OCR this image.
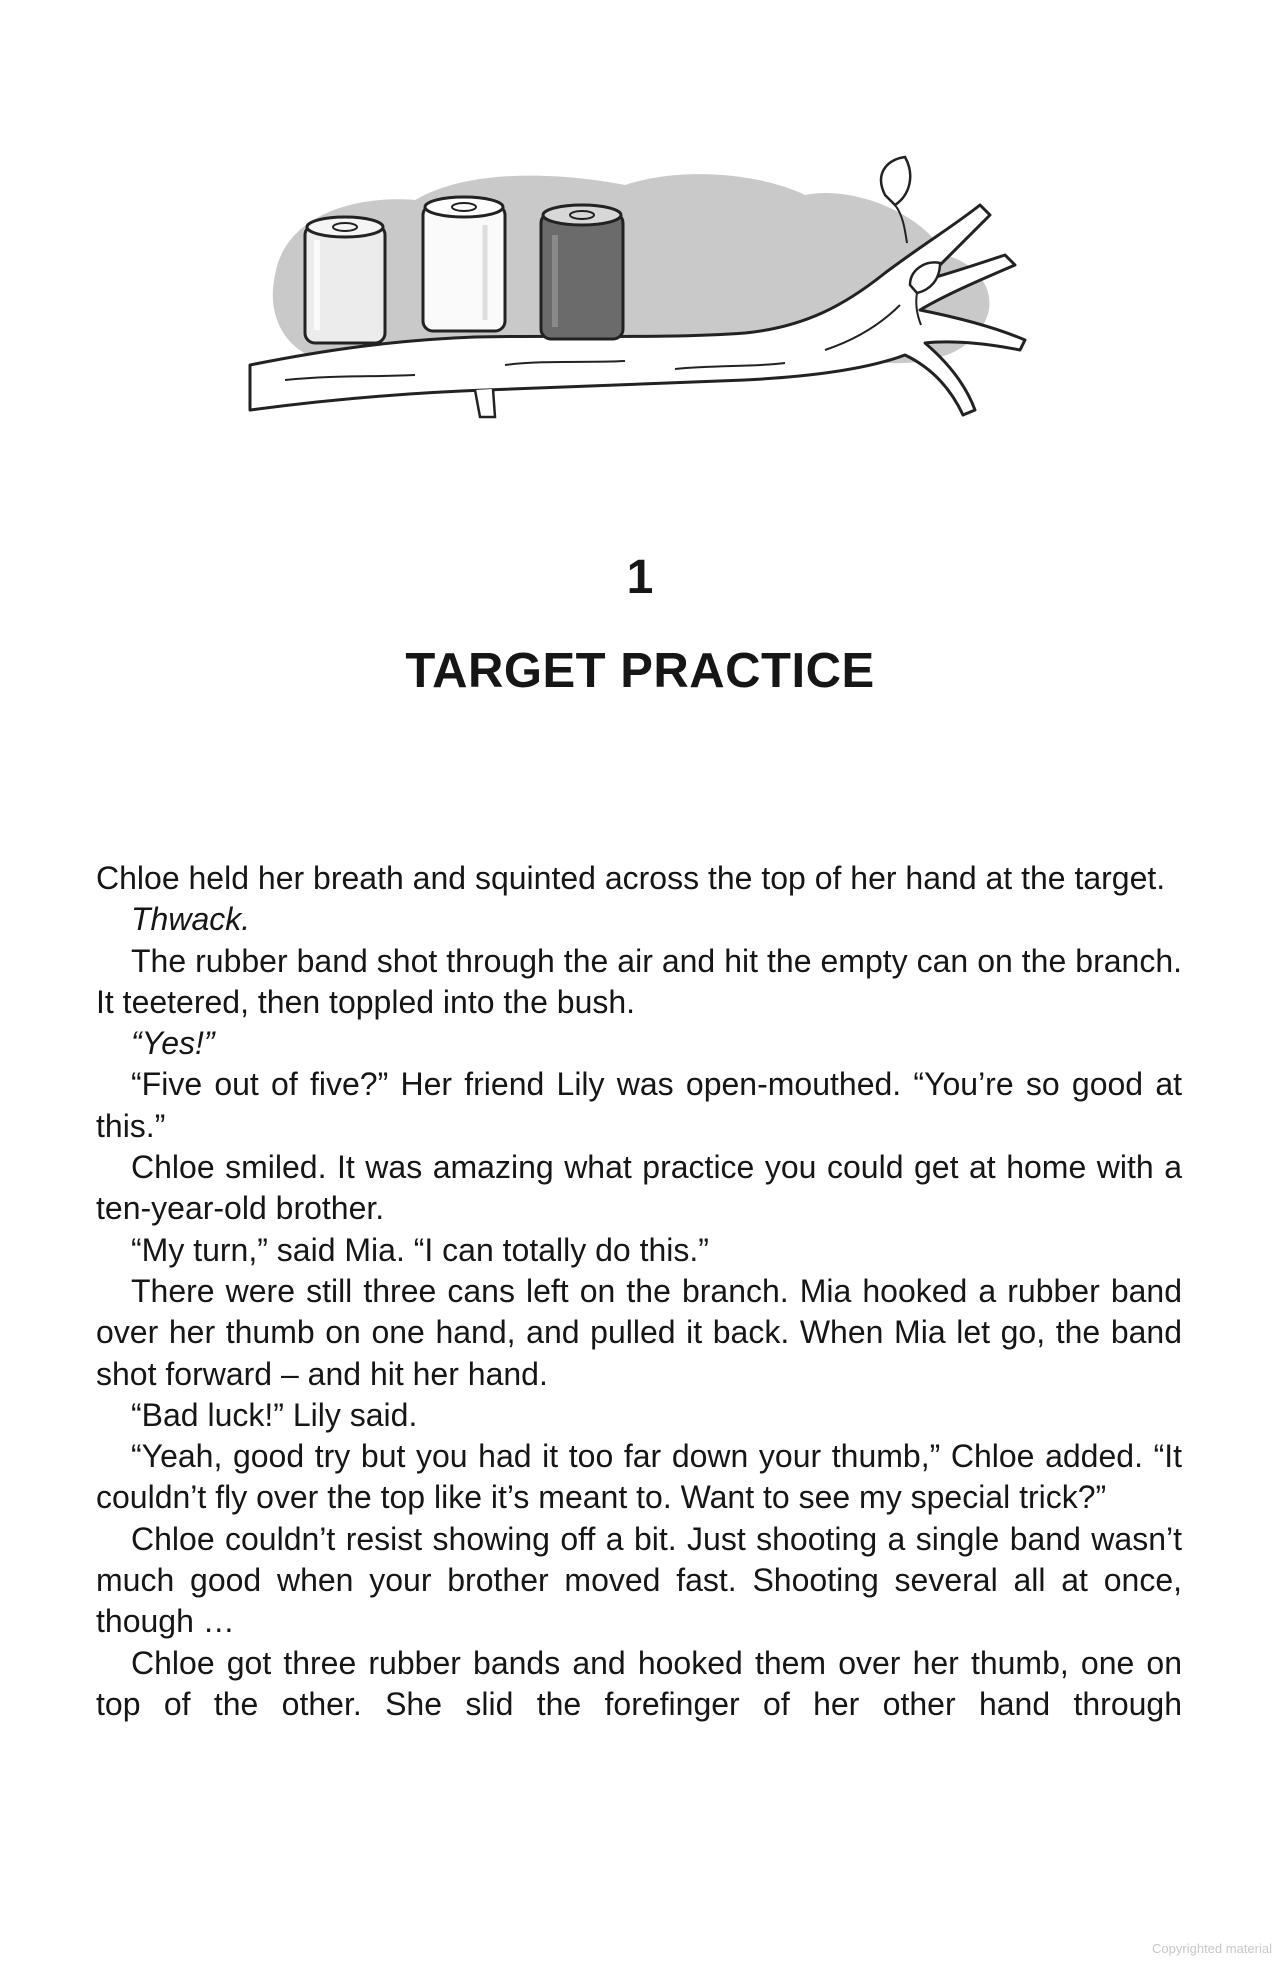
1
TARGET PRACTICE

Chloe held her breath and squinted across the top of her hand at the target.

Thwack.

The rubber band shot through the air and hit the empty can on the branch. It teetered, then toppled into the bush.

“Yes!”

“Five out of five?” Her friend Lily was open-mouthed. “You’re so good at this.”

Chloe smiled. It was amazing what practice you could get at home with a ten-year-old brother.

“My turn,” said Mia. “I can totally do this.”

There were still three cans left on the branch. Mia hooked a rubber band over her thumb on one hand, and pulled it back. When Mia let go, the band shot forward – and hit her hand.

“Bad luck!” Lily said.

“Yeah, good try but you had it too far down your thumb,” Chloe added. “It couldn’t fly over the top like it’s meant to. Want to see my special trick?”

Chloe couldn’t resist showing off a bit. Just shooting a single band wasn’t much good when your brother moved fast. Shooting several all at once, though …

Chloe got three rubber bands and hooked them over her thumb, one on top of the other. She slid the forefinger of her other hand through

Copyrighted material
